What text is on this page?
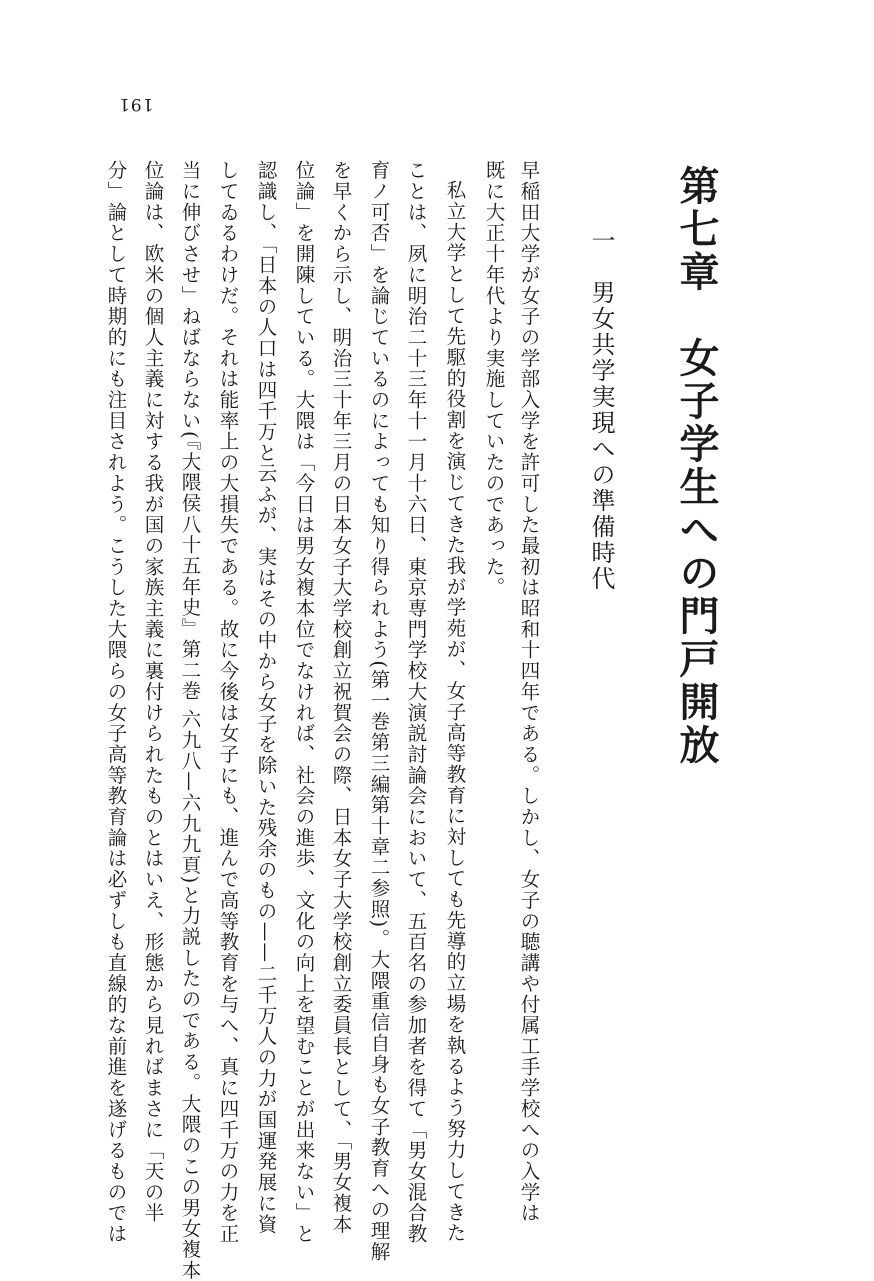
191
第七章　女子学生への門戸開放
一　男女共学実現への準備時代
早稲田大学が女子の学部入学を許可した最初は昭和十四年である。しかし、女子の聴講や付属工手学校への入学は
既に大正十年代より実施していたのであった。
私立大学として先駆的役割を演じてきた我が学苑が、女子高等教育に対しても先導的立場を執るよう努力してきた
ことは、夙に明治二十三年十一月十六日、東京専門学校大演説討論会において、五百名の参加者を得て「男女混合教
育ノ可否」を論じているのによっても知り得られよう(第一巻第三編第十章二参照)。大隈重信自身も女子教育への理解
を早くから示し、明治三十年三月の日本女子大学校創立祝賀会の際、日本女子大学校創立委員長として、「男女複本
位論」を開陳している。大隈は「今日は男女複本位でなければ、社会の進歩、文化の向上を望むことが出来ない」と
認識し、「日本の人口は四千万と云ふが、実はその中から女子を除いた残余のもの——二千万人の力が国運発展に資
してゐるわけだ。それは能率上の大損失である。故に今後は女子にも、進んで高等教育を与へ、真に四千万の力を正
当に伸びさせ」ねばならない(『大隈侯八十五年史』第二巻 六九八—六九九頁)と力説したのである。大隈のこの男女複本
位論は、欧米の個人主義に対する我が国の家族主義に裏付けられたものとはいえ、形態から見ればまさに「天の半
分」論として時期的にも注目されよう。こうした大隈らの女子高等教育論は必ずしも直線的な前進を遂げるものでは
